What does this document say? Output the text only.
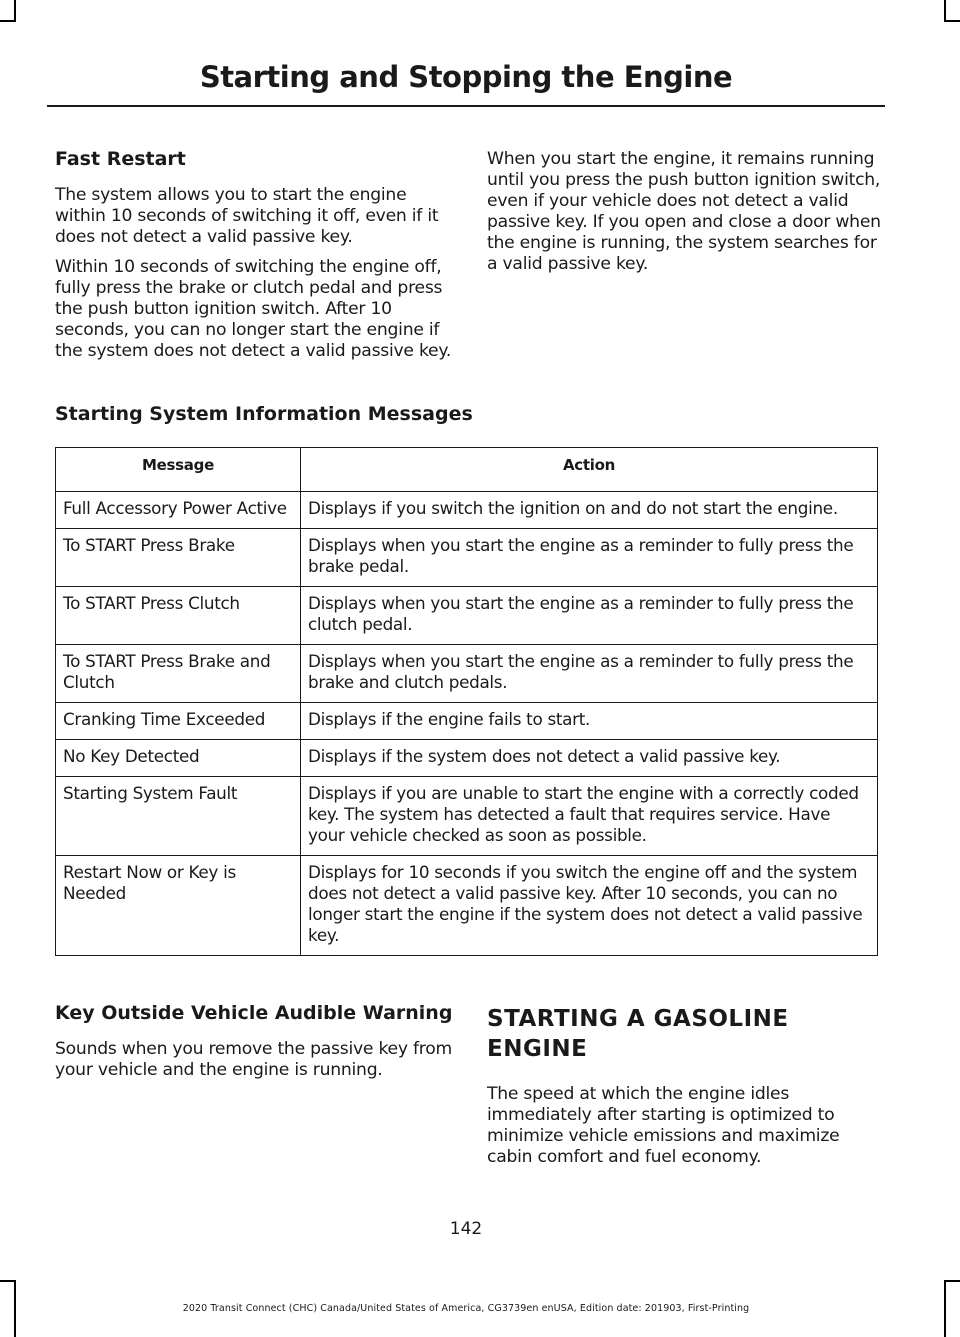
Starting and Stopping the Engine
Fast Restart

The system allows you to start the engine within 10 seconds of switching it off, even if it does not detect a valid passive key.

Within 10 seconds of switching the engine off, fully press the brake or clutch pedal and press the push button ignition switch. After 10 seconds, you can no longer start the engine if the system does not detect a valid passive key.

When you start the engine, it remains running until you press the push button ignition switch, even if your vehicle does not detect a valid passive key. If you open and close a door when the engine is running, the system searches for a valid passive key.

Starting System Information Messages
Message	Action
Full Accessory Power Active	Displays if you switch the ignition on and do not start the engine.
To START Press Brake	Displays when you start the engine as a reminder to fully press the brake pedal.
To START Press Clutch	Displays when you start the engine as a reminder to fully press the clutch pedal.
To START Press Brake and Clutch	Displays when you start the engine as a reminder to fully press the brake and clutch pedals.
Cranking Time Exceeded	Displays if the engine fails to start.
No Key Detected	Displays if the system does not detect a valid passive key.
Starting System Fault	Displays if you are unable to start the engine with a correctly coded key. The system has detected a fault that requires service. Have your vehicle checked as soon as possible.
Restart Now or Key is Needed	Displays for 10 seconds if you switch the engine off and the system does not detect a valid passive key. After 10 seconds, you can no longer start the engine if the system does not detect a valid passive key.
Key Outside Vehicle Audible Warning

Sounds when you remove the passive key from your vehicle and the engine is running.

STARTING A GASOLINE
ENGINE

The speed at which the engine idles immediately after starting is optimized to minimize vehicle emissions and maximize cabin comfort and fuel economy.

142

2020 Transit Connect (CHC) Canada/United States of America, CG3739en enUSA, Edition date: 201903, First-Printing
